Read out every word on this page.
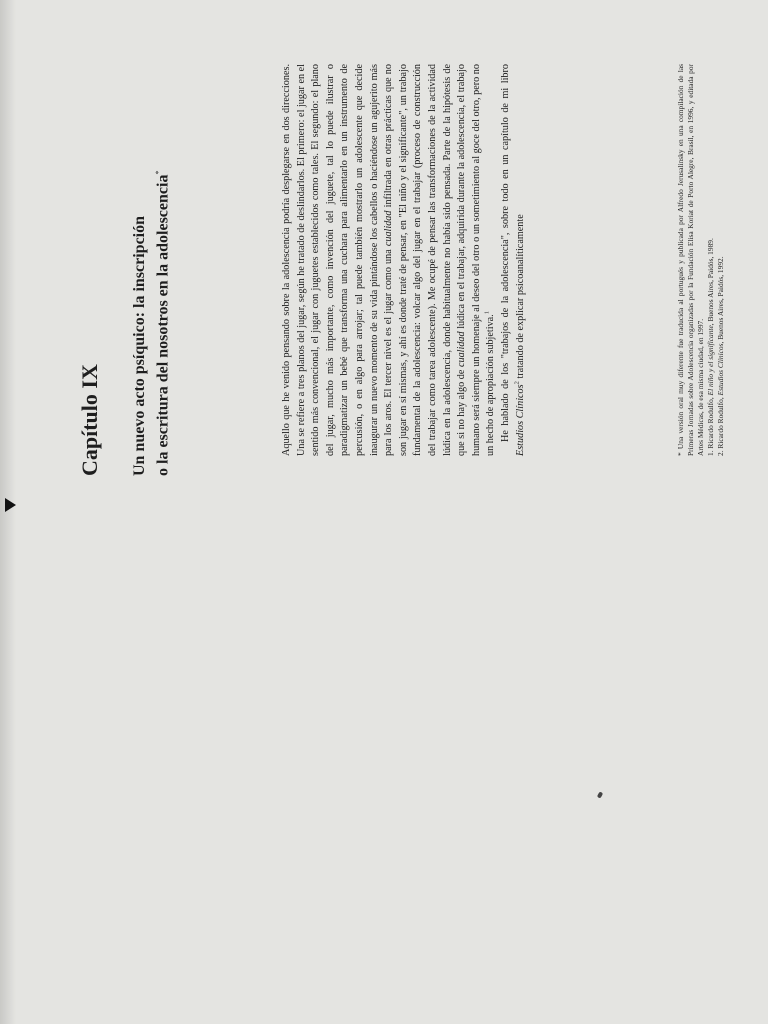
Capítulo IX Un nuevo acto psíquico: la inscripción o la escritura del nosotros en la adolescencia*	Aquello que he venido pensando sobre la adolescencia podría desplegarse en dos direcciones. Una se refiere a tres planos del jugar, según he tratado de deslindarlos. El primero: el jugar en el sentido más convencional, el jugar con juguetes establecidos como tales. El segundo: el plano del jugar, mucho más importante, como invención del juguete, tal lo puede ilustrar o paradigmatizar un bebé que transforma una cuchara para alimentarlo en un instrumento de percusión, o en algo para arrojar; tal puede también mostrarlo un adolescente que decide inaugurar un nuevo momento de su vida pintándose los cabellos o haciéndose un agujerito más para los aros. El tercer nivel es el jugar como una cualidad infiltrada en otras prácticas que no son jugar en sí mismas, y ahí es donde traté de pensar, en "El niño y el significante", un trabajo fundamental de la adolescencia: volcar algo del jugar en el trabajar (proceso de construcción del trabajar como tarea adolescente). Me ocupé de pensar las transformaciones de la actividad lúdica en la adolescencia, donde habitualmente no había sido pensada. Parte de la hipótesis de que si no hay algo de cualidad lúdica en el trabajar, adquirida durante la adolescencia, el trabajo humano será siempre un homenaje al deseo del otro o un sometimiento al goce del otro, pero no un hecho de apropiación subjetiva.$^1$ He hablado de los "trabajos de la adolescencia", sobre todo en un capítulo de mi libro Estudios Clínicos$^2$ tratando de explicar psicoanalíticamente	* Una versión oral muy diferente fue traducida al portugués y publicada por Alfredo Jerusalinsky en una compilación de las Primeras Jornadas sobre Adolescencia organizadas por la Fundación Elisa Koriat de Porto Alegre, Brasil, en 1996, y editada por Artes Médicas, de esa misma ciudad, en 1997. 1. Ricardo Rodulfo, El niño y el significante, Buenos Aires, Paidós, 1989.

2. Ricardo Rodulfo, Estudios Clínicos, Buenos Aires, Paidós, 1992.
